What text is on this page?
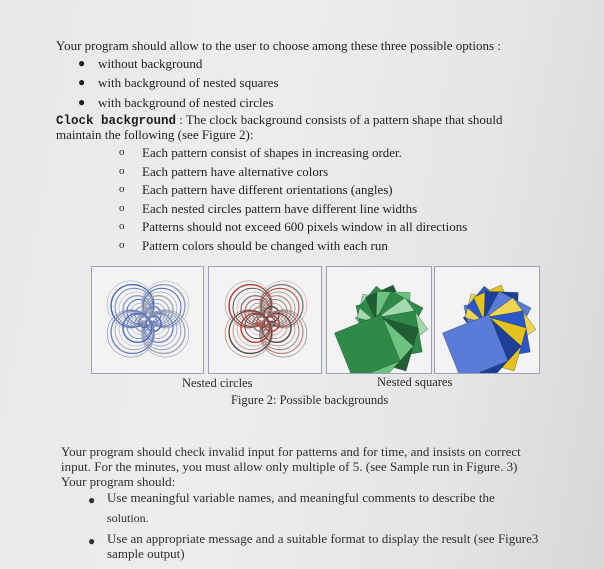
Your program should allow to the user to choose among these three possible options :
● without background
● with background of nested squares
● with background of nested circles
Clock background : The clock background consists of a pattern shape that should
maintain the following (see Figure 2):
o Each pattern consist of shapes in increasing order.
o Each pattern have alternative colors
o Each pattern have different orientations (angles)
o Each nested circles pattern have different line widths
o Patterns should not exceed 600 pixels window in all directions
o Pattern colors should be changed with each run
Nested circles	Nested squares
Figure 2: Possible backgrounds
Your program should check invalid input for patterns and for time, and insists on correct
input. For the minutes, you must allow only multiple of 5. (see Sample run in Figure. 3)
Your program should:
● Use meaningful variable names, and meaningful comments to describe the
solution.
● Use an appropriate message and a suitable format to display the result (see Figure3
sample output)
